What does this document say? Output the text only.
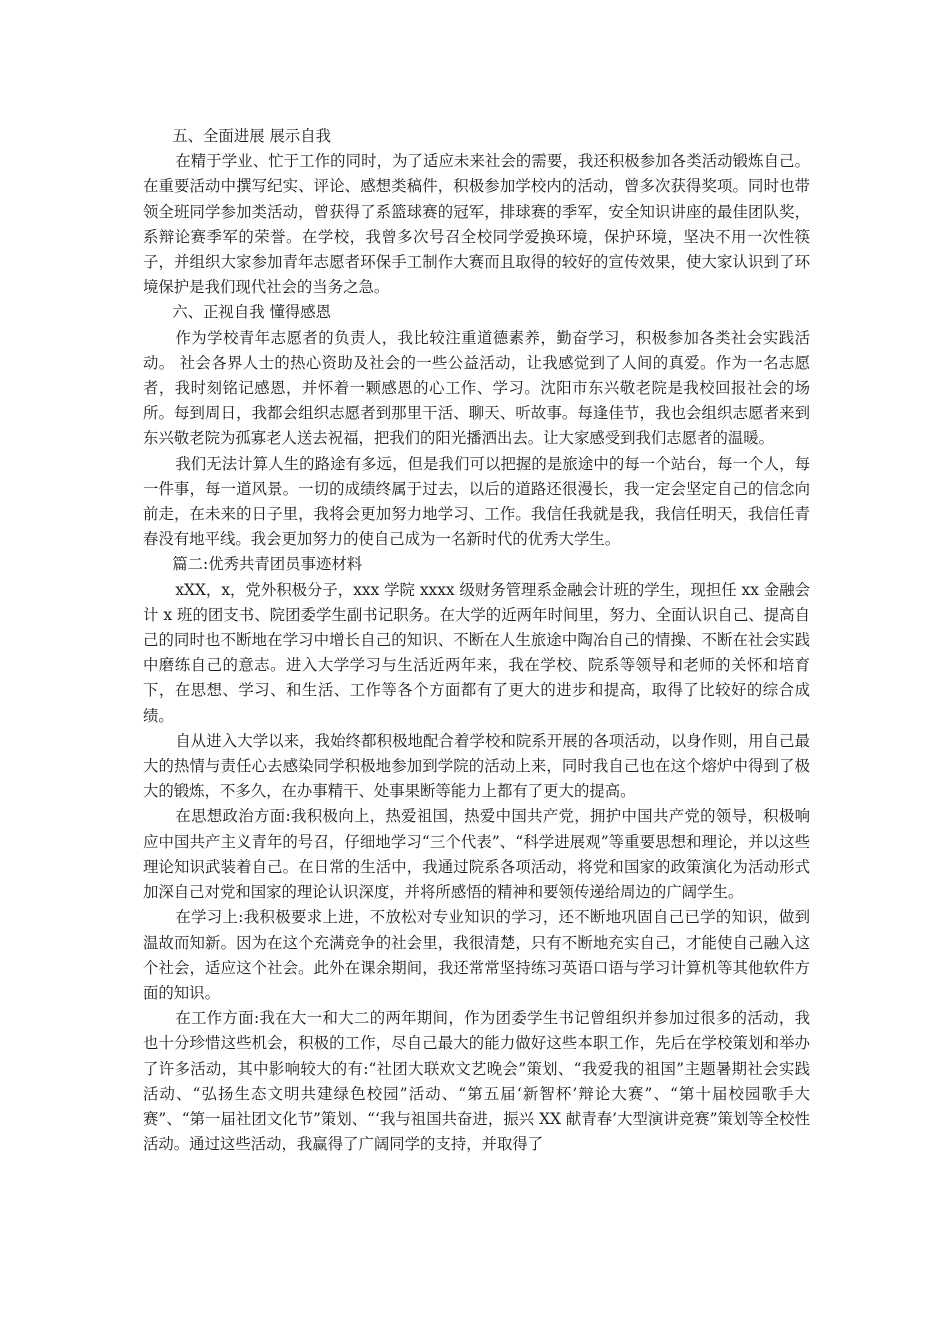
五、全面进展 展示自我

在精于学业、忙于工作的同时，为了适应未来社会的需要，我还积极参加各类活动锻炼自己。在重要活动中撰写纪实、评论、感想类稿件，积极参加学校内的活动，曾多次获得奖项。同时也带领全班同学参加类活动，曾获得了系篮球赛的冠军，排球赛的季军，安全知识讲座的最佳团队奖，系辩论赛季军的荣誉。在学校，我曾多次号召全校同学爱换环境，保护环境，坚决不用一次性筷子，并组织大家参加青年志愿者环保手工制作大赛而且取得的较好的宣传效果，使大家认识到了环境保护是我们现代社会的当务之急。

六、正视自我 懂得感恩

作为学校青年志愿者的负责人，我比较注重道德素养，勤奋学习，积极参加各类社会实践活动。 社会各界人士的热心资助及社会的一些公益活动，让我感觉到了人间的真爱。作为一名志愿者，我时刻铭记感恩，并怀着一颗感恩的心工作、学习。沈阳市东兴敬老院是我校回报社会的场所。每到周日，我都会组织志愿者到那里干活、聊天、听故事。每逢佳节，我也会组织志愿者来到东兴敬老院为孤寡老人送去祝福，把我们的阳光播洒出去。让大家感受到我们志愿者的温暖。

我们无法计算人生的路途有多远，但是我们可以把握的是旅途中的每一个站台，每一个人，每一件事，每一道风景。一切的成绩终属于过去，以后的道路还很漫长，我一定会坚定自己的信念向前走，在未来的日子里，我将会更加努力地学习、工作。我信任我就是我，我信任明天，我信任青春没有地平线。我会更加努力的使自己成为一名新时代的优秀大学生。

篇二:优秀共青团员事迹材料

xXX，x，党外积极分子，xxx 学院 xxxx 级财务管理系金融会计班的学生，现担任 xx 金融会计 x 班的团支书、院团委学生副书记职务。在大学的近两年时间里，努力、全面认识自己、提高自己的同时也不断地在学习中增长自己的知识、不断在人生旅途中陶冶自己的情操、不断在社会实践中磨练自己的意志。进入大学学习与生活近两年来，我在学校、院系等领导和老师的关怀和培育下，在思想、学习、和生活、工作等各个方面都有了更大的进步和提高，取得了比较好的综合成绩。

自从进入大学以来，我始终都积极地配合着学校和院系开展的各项活动，以身作则，用自己最大的热情与责任心去感染同学积极地参加到学院的活动上来，同时我自己也在这个熔炉中得到了极大的锻炼，不多久，在办事精干、处事果断等能力上都有了更大的提高。

在思想政治方面:我积极向上，热爱祖国，热爱中国共产党，拥护中国共产党的领导，积极响应中国共产主义青年的号召，仔细地学习“三个代表”、“科学进展观”等重要思想和理论，并以这些理论知识武装着自己。在日常的生活中，我通过院系各项活动，将党和国家的政策演化为活动形式加深自己对党和国家的理论认识深度，并将所感悟的精神和要领传递给周边的广阔学生。

在学习上:我积极要求上进，不放松对专业知识的学习，还不断地巩固自己已学的知识，做到温故而知新。因为在这个充满竞争的社会里，我很清楚，只有不断地充实自己，才能使自己融入这个社会，适应这个社会。此外在课余期间，我还常常坚持练习英语口语与学习计算机等其他软件方面的知识。

在工作方面:我在大一和大二的两年期间，作为团委学生书记曾组织并参加过很多的活动，我也十分珍惜这些机会，积极的工作，尽自己最大的能力做好这些本职工作，先后在学校策划和举办了许多活动，其中影响较大的有:“社团大联欢文艺晚会”策划、“我爱我的祖国”主题暑期社会实践活动、“弘扬生态文明共建绿色校园”活动、“第五届‘新智杯’辩论大赛”、“第十届校园歌手大赛”、“第一届社团文化节”策划、“‘我与祖国共奋进，振兴 XX 献青春’大型演讲竞赛”策划等全校性活动。通过这些活动，我赢得了广阔同学的支持，并取得了
